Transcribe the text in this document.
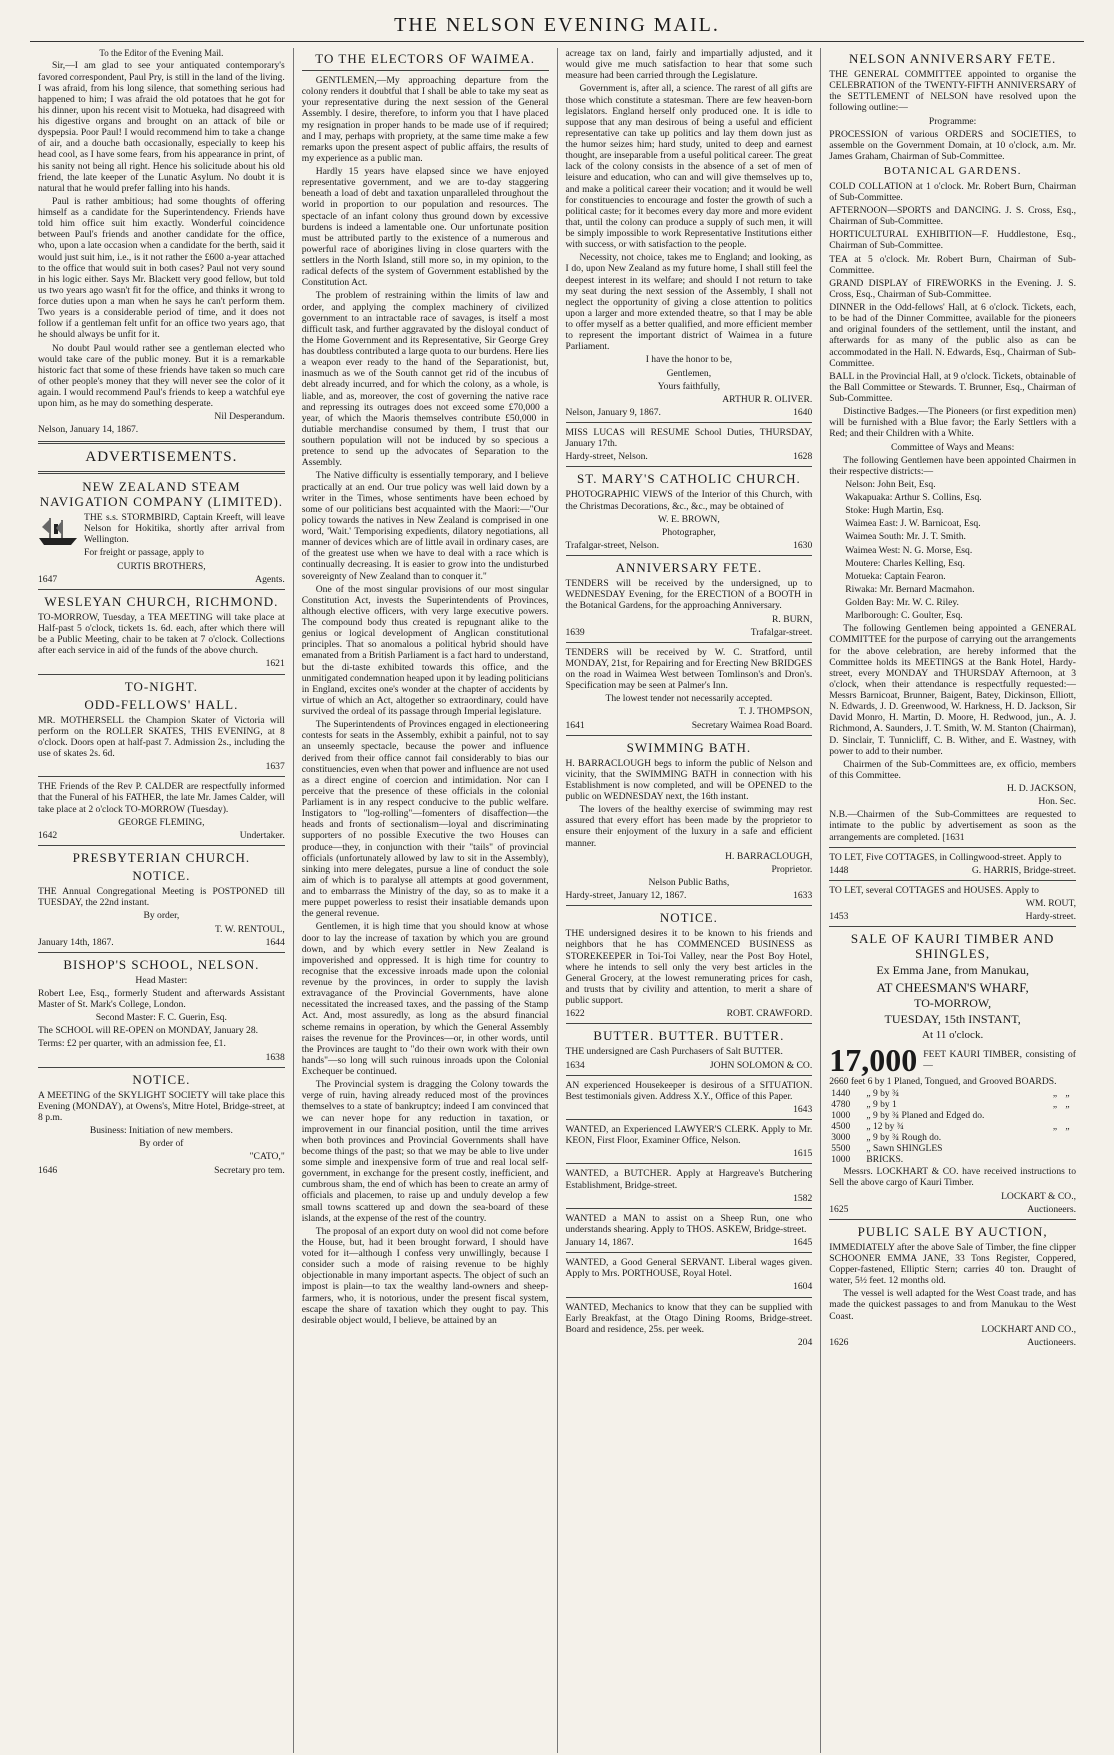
THE NELSON EVENING MAIL.

To the Editor of the Evening Mail.

Sir,—I am glad to see your antiquated contemporary's favored correspondent, Paul Pry, is still in the land of the living. I was afraid, from his long silence, that something serious had happened to him; I was afraid the old potatoes that he got for his dinner, upon his recent visit to Motueka, had disagreed with his digestive organs and brought on an attack of bile or dyspepsia. Poor Paul! I would recommend him to take a change of air, and a douche bath occasionally, especially to keep his head cool, as I have some fears, from his appearance in print, of his sanity not being all right. Hence his solicitude about his old friend, the late keeper of the Lunatic Asylum. No doubt it is natural that he would prefer falling into his hands.

Paul is rather ambitious; had some thoughts of offering himself as a candidate for the Superintendency. Friends have told him office suit him exactly. Wonderful coincidence between Paul's friends and another candidate for the office, who, upon a late occasion when a candidate for the berth, said it would just suit him, i.e., is it not rather the £600 a-year attached to the office that would suit in both cases? Paul not very sound in his logic either. Says Mr. Blackett very good fellow, but told us two years ago wasn't fit for the office, and thinks it wrong to force duties upon a man when he says he can't perform them. Two years is a considerable period of time, and it does not follow if a gentleman felt unfit for an office two years ago, that he should always be unfit for it.

No doubt Paul would rather see a gentleman elected who would take care of the public money. But it is a remarkable historic fact that some of these friends have taken so much care of other people's money that they will never see the color of it again. I would recommend Paul's friends to keep a watchful eye upon him, as he may do something desperate.

Nil Desperandum.

Nelson, January 14, 1867.

ADVERTISEMENTS.
NEW ZEALAND STEAM NAVIGATION COMPANY (LIMITED).

THE s.s. STORMBIRD, Captain Kreeft, will leave Nelson for Hokitika, shortly after arrival from Wellington.

For freight or passage, apply to

CURTIS BROTHERS,

1647	Agents.

WESLEYAN CHURCH, RICHMOND.

TO-MORROW, Tuesday, a TEA MEETING will take place at Half-past 5 o'clock, tickets 1s. 6d. each, after which there will be a Public Meeting, chair to be taken at 7 o'clock. Collections after each service in aid of the funds of the above church.

1621

TO-NIGHT.
ODD-FELLOWS' HALL.

MR. MOTHERSELL the Champion Skater of Victoria will perform on the ROLLER SKATES, THIS EVENING, at 8 o'clock. Doors open at half-past 7. Admission 2s., including the use of skates 2s. 6d.

1637

THE Friends of the Rev P. CALDER are respectfully informed that the Funeral of his FATHER, the late Mr. James Calder, will take place at 2 o'clock TO-MORROW (Tuesday).

GEORGE FLEMING,

1642	Undertaker.

PRESBYTERIAN CHURCH.
NOTICE.

THE Annual Congregational Meeting is POSTPONED till TUESDAY, the 22nd instant.

By order,

T. W. RENTOUL,

January 14th, 1867.	1644

BISHOP'S SCHOOL, NELSON.

Head Master:

Robert Lee, Esq., formerly Student and afterwards Assistant Master of St. Mark's College, London.

Second Master: F. C. Guerin, Esq.

The SCHOOL will RE-OPEN on MONDAY, January 28.

Terms: £2 per quarter, with an admission fee, £1.

1638

NOTICE.

A MEETING of the SKYLIGHT SOCIETY will take place this Evening (MONDAY), at Owens's, Mitre Hotel, Bridge-street, at 8 p.m.

Business: Initiation of new members.

By order of

"CATO,"

1646	Secretary pro tem.

TO THE ELECTORS OF WAIMEA.

GENTLEMEN,—My approaching departure from the colony renders it doubtful that I shall be able to take my seat as your representative during the next session of the General Assembly. I desire, therefore, to inform you that I have placed my resignation in proper hands to be made use of if required; and I may, perhaps with propriety, at the same time make a few remarks upon the present aspect of public affairs, the results of my experience as a public man.

Hardly 15 years have elapsed since we have enjoyed representative government, and we are to-day staggering beneath a load of debt and taxation unparalleled throughout the world in proportion to our population and resources. The spectacle of an infant colony thus ground down by excessive burdens is indeed a lamentable one. Our unfortunate position must be attributed partly to the existence of a numerous and powerful race of aborigines living in close quarters with the settlers in the North Island, still more so, in my opinion, to the radical defects of the system of Government established by the Constitution Act.

The problem of restraining within the limits of law and order, and applying the complex machinery of civilized government to an intractable race of savages, is itself a most difficult task, and further aggravated by the disloyal conduct of the Home Government and its Representative, Sir George Grey has doubtless contributed a large quota to our burdens. Here lies a weapon ever ready to the hand of the Separationist, but, inasmuch as we of the South cannot get rid of the incubus of debt already incurred, and for which the colony, as a whole, is liable, and as, moreover, the cost of governing the native race and repressing its outrages does not exceed some £70,000 a year, of which the Maoris themselves contribute £50,000 in dutiable merchandise consumed by them, I trust that our southern population will not be induced by so specious a pretence to send up the advocates of Separation to the Assembly.

The Native difficulty is essentially temporary, and I believe practically at an end. Our true policy was well laid down by a writer in the Times, whose sentiments have been echoed by some of our politicians best acquainted with the Maori:—"Our policy towards the natives in New Zealand is comprised in one word, 'Wait.' Temporising expedients, dilatory negotiations, all manner of devices which are of little avail in ordinary cases, are of the greatest use when we have to deal with a race which is continually decreasing. It is easier to grow into the undisturbed sovereignty of New Zealand than to conquer it."

One of the most singular provisions of our most singular Constitution Act, invests the Superintendents of Provinces, although elective officers, with very large executive powers. The compound body thus created is repugnant alike to the genius or logical development of Anglican constitutional principles. That so anomalous a political hybrid should have emanated from a British Parliament is a fact hard to understand, but the di-taste exhibited towards this office, and the unmitigated condemnation heaped upon it by leading politicians in England, excites one's wonder at the chapter of accidents by virtue of which an Act, altogether so extraordinary, could have survived the ordeal of its passage through Imperial legislature.

The Superintendents of Provinces engaged in electioneering contests for seats in the Assembly, exhibit a painful, not to say an unseemly spectacle, because the power and influence derived from their office cannot fail considerably to bias our constituencies, even when that power and influence are not used as a direct engine of coercion and intimidation. Nor can I perceive that the presence of these officials in the colonial Parliament is in any respect conducive to the public welfare. Instigators to "log-rolling"—fomenters of disaffection—the heads and fronts of sectionalism—loyal and discriminating supporters of no possible Executive the two Houses can produce—they, in conjunction with their "tails" of provincial officials (unfortunately allowed by law to sit in the Assembly), sinking into mere delegates, pursue a line of conduct the sole aim of which is to paralyse all attempts at good government, and to embarrass the Ministry of the day, so as to make it a mere puppet powerless to resist their insatiable demands upon the general revenue.

Gentlemen, it is high time that you should know at whose door to lay the increase of taxation by which you are ground down, and by which every settler in New Zealand is impoverished and oppressed. It is high time for country to recognise that the excessive inroads made upon the colonial revenue by the provinces, in order to supply the lavish extravagance of the Provincial Governments, have alone necessitated the increased taxes, and the passing of the Stamp Act. And, most assuredly, as long as the absurd financial scheme remains in operation, by which the General Assembly raises the revenue for the Provinces—or, in other words, until the Provinces are taught to "do their own work with their own hands"—so long will such ruinous inroads upon the Colonial Exchequer be continued.

The Provincial system is dragging the Colony towards the verge of ruin, having already reduced most of the provinces themselves to a state of bankruptcy; indeed I am convinced that we can never hope for any reduction in taxation, or improvement in our financial position, until the time arrives when both provinces and Provincial Governments shall have become things of the past; so that we may be able to live under some simple and inexpensive form of true and real local self-government, in exchange for the present costly, inefficient, and cumbrous sham, the end of which has been to create an army of officials and placemen, to raise up and unduly develop a few small towns scattered up and down the sea-board of these islands, at the expense of the rest of the country.

The proposal of an export duty on wool did not come before the House, but, had it been brought forward, I should have voted for it—although I confess very unwillingly, because I consider such a mode of raising revenue to be highly objectionable in many important aspects. The object of such an impost is plain—to tax the wealthy land-owners and sheep-farmers, who, it is notorious, under the present fiscal system, escape the share of taxation which they ought to pay. This desirable object would, I believe, be attained by an

acreage tax on land, fairly and impartially adjusted, and it would give me much satisfaction to hear that some such measure had been carried through the Legislature.

Government is, after all, a science. The rarest of all gifts are those which constitute a statesman. There are few heaven-born legislators. England herself only produced one. It is idle to suppose that any man desirous of being a useful and efficient representative can take up politics and lay them down just as the humor seizes him; hard study, united to deep and earnest thought, are inseparable from a useful political career. The great lack of the colony consists in the absence of a set of men of leisure and education, who can and will give themselves up to, and make a political career their vocation; and it would be well for constituencies to encourage and foster the growth of such a political caste; for it becomes every day more and more evident that, until the colony can produce a supply of such men, it will be simply impossible to work Representative Institutions either with success, or with satisfaction to the people.

Necessity, not choice, takes me to England; and looking, as I do, upon New Zealand as my future home, I shall still feel the deepest interest in its welfare; and should I not return to take my seat during the next session of the Assembly, I shall not neglect the opportunity of giving a close attention to politics upon a larger and more extended theatre, so that I may be able to offer myself as a better qualified, and more efficient member to represent the important district of Waimea in a future Parliament.

I have the honor to be,

Gentlemen,

Yours faithfully,

ARTHUR R. OLIVER.

Nelson, January 9, 1867.	1640

MISS LUCAS will RESUME School Duties, THURSDAY, January 17th.

Hardy-street, Nelson.	1628

ST. MARY'S CATHOLIC CHURCH.

PHOTOGRAPHIC VIEWS of the Interior of this Church, with the Christmas Decorations, &c., &c., may be obtained of

W. E. BROWN,

Photographer,

Trafalgar-street, Nelson.	1630

ANNIVERSARY FETE.

TENDERS will be received by the undersigned, up to WEDNESDAY Evening, for the ERECTION of a BOOTH in the Botanical Gardens, for the approaching Anniversary.

R. BURN,

1639	Trafalgar-street.

TENDERS will be received by W. C. Stratford, until MONDAY, 21st, for Repairing and for Erecting New BRIDGES on the road in Waimea West between Tomlinson's and Dron's. Specification may be seen at Palmer's Inn.

The lowest tender not necessarily accepted.

T. J. THOMPSON,

1641	Secretary Waimea Road Board.

SWIMMING BATH.

H. BARRACLOUGH begs to inform the public of Nelson and vicinity, that the SWIMMING BATH in connection with his Establishment is now completed, and will be OPENED to the public on WEDNESDAY next, the 16th instant.

The lovers of the healthy exercise of swimming may rest assured that every effort has been made by the proprietor to ensure their enjoyment of the luxury in a safe and efficient manner.

H. BARRACLOUGH,

Proprietor.

Nelson Public Baths,

Hardy-street, January 12, 1867.	1633

NOTICE.

THE undersigned desires it to be known to his friends and neighbors that he has COMMENCED BUSINESS as STOREKEEPER in Toi-Toi Valley, near the Post Boy Hotel, where he intends to sell only the very best articles in the General Grocery, at the lowest remunerating prices for cash, and trusts that by civility and attention, to merit a share of public support.

1622	ROBT. CRAWFORD.

BUTTER. BUTTER. BUTTER.

THE undersigned are Cash Purchasers of Salt BUTTER.

1634	JOHN SOLOMON & CO.

AN experienced Housekeeper is desirous of a SITUATION. Best testimonials given. Address X.Y., Office of this Paper.

1643

WANTED, an Experienced LAWYER'S CLERK. Apply to Mr. KEON, First Floor, Examiner Office, Nelson.

1615

WANTED, a BUTCHER. Apply at Hargreave's Butchering Establishment, Bridge-street.

1582

WANTED a MAN to assist on a Sheep Run, one who understands shearing. Apply to THOS. ASKEW, Bridge-street.

January 14, 1867.	1645

WANTED, a Good General SERVANT. Liberal wages given. Apply to Mrs. PORTHOUSE, Royal Hotel.

1604

WANTED, Mechanics to know that they can be supplied with Early Breakfast, at the Otago Dining Rooms, Bridge-street. Board and residence, 25s. per week.

204

NELSON ANNIVERSARY FETE.

THE GENERAL COMMITTEE appointed to organise the CELEBRATION of the TWENTY-FIFTH ANNIVERSARY of the SETTLEMENT of NELSON have resolved upon the following outline:—

Programme:

PROCESSION of various ORDERS and SOCIETIES, to assemble on the Government Domain, at 10 o'clock, a.m. Mr. James Graham, Chairman of Sub-Committee.

BOTANICAL GARDENS.

COLD COLLATION at 1 o'clock. Mr. Robert Burn, Chairman of Sub-Committee.

AFTERNOON—SPORTS and DANCING. J. S. Cross, Esq., Chairman of Sub-Committee.

HORTICULTURAL EXHIBITION—F. Huddlestone, Esq., Chairman of Sub-Committee.

TEA at 5 o'clock. Mr. Robert Burn, Chairman of Sub-Committee.

GRAND DISPLAY of FIREWORKS in the Evening. J. S. Cross, Esq., Chairman of Sub-Committee.

DINNER in the Odd-fellows' Hall, at 6 o'clock. Tickets, each, to be had of the Dinner Committee, available for the pioneers and original founders of the settlement, until the instant, and afterwards for as many of the public also as can be accommodated in the Hall. N. Edwards, Esq., Chairman of Sub-Committee.

BALL in the Provincial Hall, at 9 o'clock. Tickets, obtainable of the Ball Committee or Stewards. T. Brunner, Esq., Chairman of Sub-Committee.

Distinctive Badges.—The Pioneers (or first expedition men) will be furnished with a Blue favor; the Early Settlers with a Red; and their Children with a White.

Committee of Ways and Means:

The following Gentlemen have been appointed Chairmen in their respective districts:—

Nelson: John Beit, Esq.

Wakapuaka: Arthur S. Collins, Esq.

Stoke: Hugh Martin, Esq.

Waimea East: J. W. Barnicoat, Esq.

Waimea South: Mr. J. T. Smith.

Waimea West: N. G. Morse, Esq.

Moutere: Charles Kelling, Esq.

Motueka: Captain Fearon.

Riwaka: Mr. Bernard Macmahon.

Golden Bay: Mr. W. C. Riley.

Marlborough: C. Goulter, Esq.

The following Gentlemen being appointed a GENERAL COMMITTEE for the purpose of carrying out the arrangements for the above celebration, are hereby informed that the Committee holds its MEETINGS at the Bank Hotel, Hardy-street, every MONDAY and THURSDAY Afternoon, at 3 o'clock, when their attendance is respectfully requested:—Messrs Barnicoat, Brunner, Baigent, Batey, Dickinson, Elliott, N. Edwards, J. D. Greenwood, W. Harkness, H. D. Jackson, Sir David Monro, H. Martin, D. Moore, H. Redwood, jun., A. J. Richmond, A. Saunders, J. T. Smith, W. M. Stanton (Chairman), D. Sinclair, T. Tunnicliff, C. B. Wither, and E. Wastney, with power to add to their number.

Chairmen of the Sub-Committees are, ex officio, members of this Committee.

H. D. JACKSON,

Hon. Sec.

N.B.—Chairmen of the Sub-Committees are requested to intimate to the public by advertisement as soon as the arrangements are completed. [1631

TO LET, Five COTTAGES, in Collingwood-street. Apply to

1448	G. HARRIS, Bridge-street.

TO LET, several COTTAGES and HOUSES. Apply to

WM. ROUT,

1453	Hardy-street.

SALE OF KAURI TIMBER AND SHINGLES,

Ex Emma Jane, from Manukau,

AT CHEESMAN'S WHARF,

TO-MORROW,

TUESDAY, 15th INSTANT,

At 11 o'clock.

17,000 FEET KAURI TIMBER, consisting of—

2660 feet 6 by 1 Planed, Tongued, and Grooved BOARDS.

1440	„ 9 by ¾	„	„
4780	„ 9 by 1	„	„
1000	„ 9 by ¾ Planed and Edged do.		
4500	„ 12 by ¾	„	„
3000	„ 9 by ¾ Rough do.		
5500	„ Sawn SHINGLES		
1000	BRICKS.		

Messrs. LOCKHART & CO. have received instructions to Sell the above cargo of Kauri Timber.

LOCKART & CO.,

1625	Auctioneers.

PUBLIC SALE BY AUCTION,

IMMEDIATELY after the above Sale of Timber, the fine clipper SCHOONER EMMA JANE, 33 Tons Register, Coppered, Copper-fastened, Elliptic Stern; carries 40 ton. Draught of water, 5½ feet. 12 months old.

The vessel is well adapted for the West Coast trade, and has made the quickest passages to and from Manukau to the West Coast.

LOCKHART AND CO.,

1626	Auctioneers.
